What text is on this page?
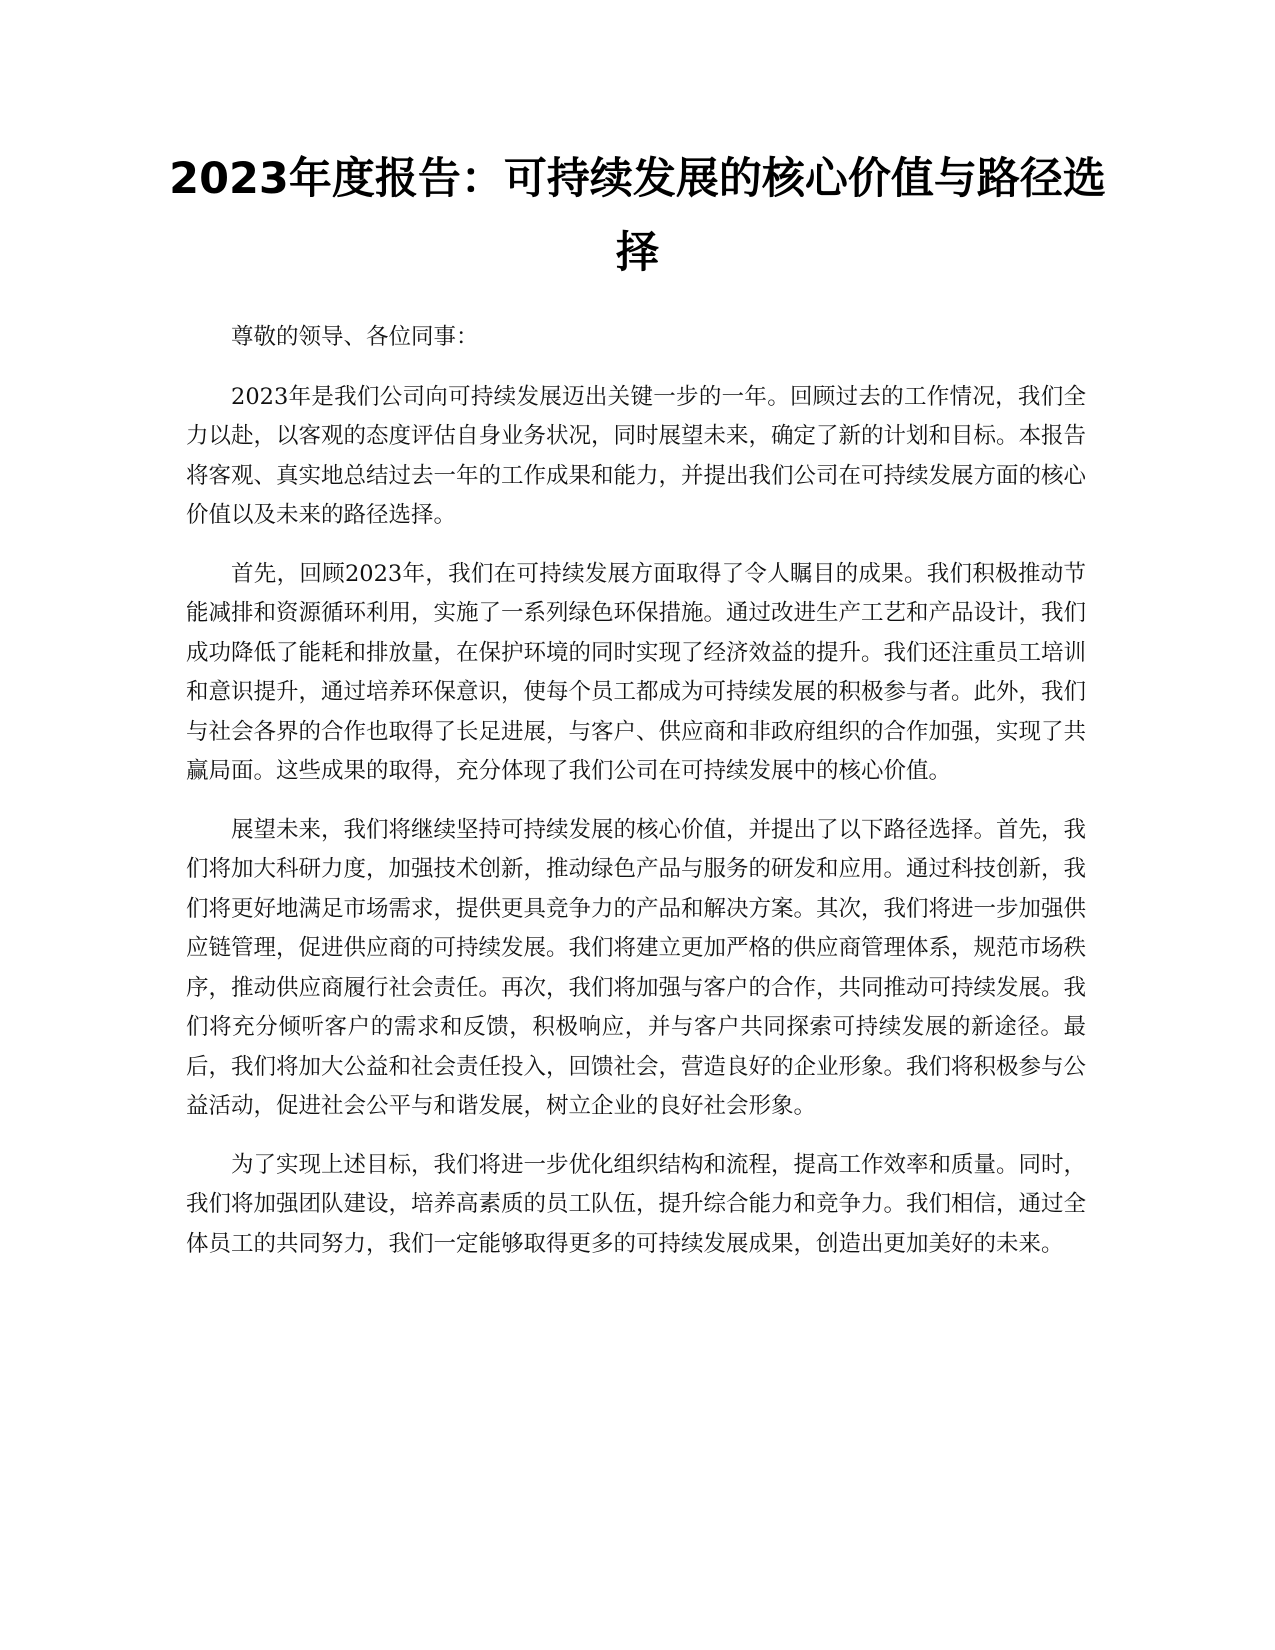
2023年度报告：可持续发展的核心价值与路径选择

尊敬的领导、各位同事：

2023年是我们公司向可持续发展迈出关键一步的一年。回顾过去的工作情况，我们全力以赴，以客观的态度评估自身业务状况，同时展望未来，确定了新的计划和目标。本报告将客观、真实地总结过去一年的工作成果和能力，并提出我们公司在可持续发展方面的核心价值以及未来的路径选择。

首先，回顾2023年，我们在可持续发展方面取得了令人瞩目的成果。我们积极推动节能减排和资源循环利用，实施了一系列绿色环保措施。通过改进生产工艺和产品设计，我们成功降低了能耗和排放量，在保护环境的同时实现了经济效益的提升。我们还注重员工培训和意识提升，通过培养环保意识，使每个员工都成为可持续发展的积极参与者。此外，我们与社会各界的合作也取得了长足进展，与客户、供应商和非政府组织的合作加强，实现了共赢局面。这些成果的取得，充分体现了我们公司在可持续发展中的核心价值。

展望未来，我们将继续坚持可持续发展的核心价值，并提出了以下路径选择。首先，我们将加大科研力度，加强技术创新，推动绿色产品与服务的研发和应用。通过科技创新，我们将更好地满足市场需求，提供更具竞争力的产品和解决方案。其次，我们将进一步加强供应链管理，促进供应商的可持续发展。我们将建立更加严格的供应商管理体系，规范市场秩序，推动供应商履行社会责任。再次，我们将加强与客户的合作，共同推动可持续发展。我们将充分倾听客户的需求和反馈，积极响应，并与客户共同探索可持续发展的新途径。最后，我们将加大公益和社会责任投入，回馈社会，营造良好的企业形象。我们将积极参与公益活动，促进社会公平与和谐发展，树立企业的良好社会形象。

为了实现上述目标，我们将进一步优化组织结构和流程，提高工作效率和质量。同时，我们将加强团队建设，培养高素质的员工队伍，提升综合能力和竞争力。我们相信，通过全体员工的共同努力，我们一定能够取得更多的可持续发展成果，创造出更加美好的未来。
